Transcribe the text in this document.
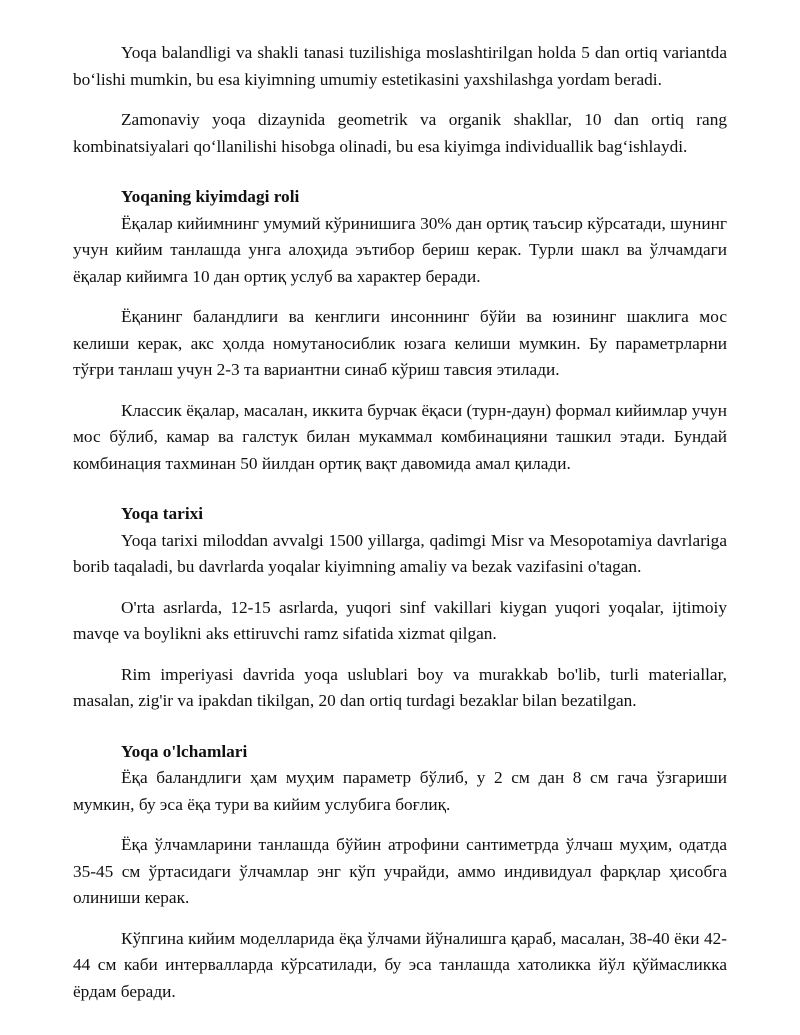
Yoqa balandligi va shakli tanasi tuzilishiga moslashtirilgan holda 5 dan ortiq variantda bo‘lishi mumkin, bu esa kiyimning umumiy estetikasini yaxshilashga yordam beradi.

Zamonaviy yoqa dizaynida geometrik va organik shakllar, 10 dan ortiq rang kombinatsiyalari qo‘llanilishi hisobga olinadi, bu esa kiyimga individuallik bag‘ishlaydi.

Yoqaning kiyimdagi roli

Ёқалар кийимнинг умумий кўринишига 30% дан ортиқ таъсир кўрсатади, шунинг учун кийим танлашда унга алоҳида эътибор бериш керак. Турли шакл ва ўлчамдаги ёқалар кийимга 10 дан ортиқ услуб ва характер беради.

Ёқанинг баландлиги ва кенглиги инсоннинг бўйи ва юзининг шаклига мос келиши керак, акс ҳолда номутаносиблик юзага келиши мумкин. Бу параметрларни тўғри танлаш учун 2-3 та вариантни синаб кўриш тавсия этилади.

Классик ёқалар, масалан, иккита бурчак ёқаси (турн-даун) формал кийимлар учун мос бўлиб, камар ва галстук билан мукаммал комбинацияни ташкил этади. Бундай комбинация тахминан 50 йилдан ортиқ вақт давомида амал қилади.

Yoqa tarixi

Yoqa tarixi miloddan avvalgi 1500 yillarga, qadimgi Misr va Mesopotamiya davrlariga borib taqaladi, bu davrlarda yoqalar kiyimning amaliy va bezak vazifasini o'tagan.

O'rta asrlarda, 12-15 asrlarda, yuqori sinf vakillari kiygan yuqori yoqalar, ijtimoiy mavqe va boylikni aks ettiruvchi ramz sifatida xizmat qilgan.

Rim imperiyasi davrida yoqa uslublari boy va murakkab bo'lib, turli materiallar, masalan, zig'ir va ipakdan tikilgan, 20 dan ortiq turdagi bezaklar bilan bezatilgan.

Yoqa o'lchamlari

Ёқа баландлиги ҳам муҳим параметр бўлиб, у 2 см дан 8 см гача ўзгариши мумкин, бу эса ёқа тури ва кийим услубига боғлиқ.

Ёқа ўлчамларини танлашда бўйин атрофини сантиметрда ўлчаш муҳим, одатда 35-45 см ўртасидаги ўлчамлар энг кўп учрайди, аммо индивидуал фарқлар ҳисобга олиниши керак.

Кўпгина кийим моделларида ёқа ўлчами йўналишга қараб, масалан, 38-40 ёки 42-44 см каби интервалларда кўрсатилади, бу эса танлашда хатоликка йўл қўймасликка ёрдам беради.
